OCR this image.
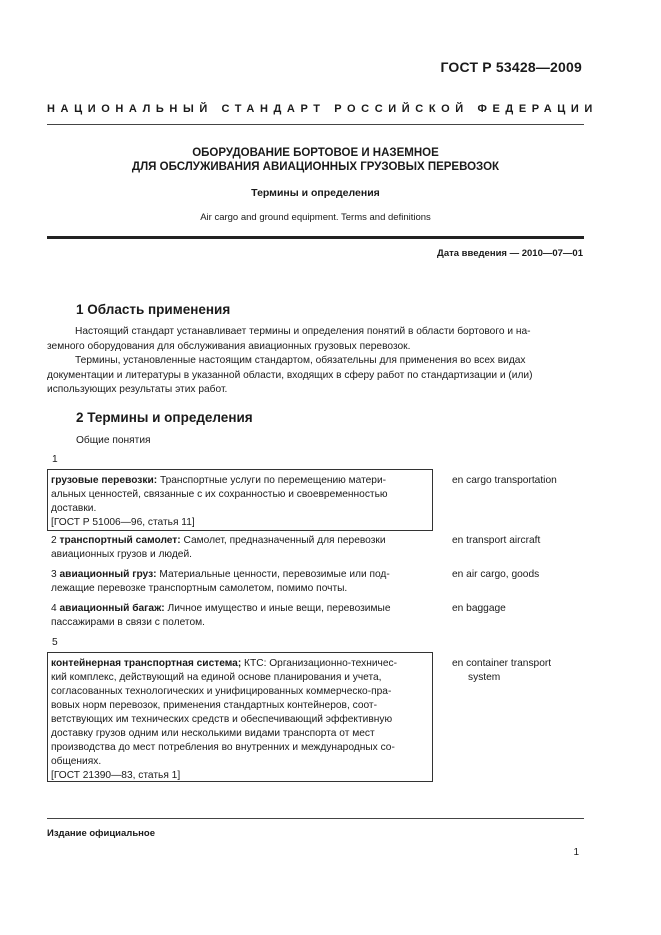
ГОСТ Р 53428—2009
НАЦИОНАЛЬНЫЙ СТАНДАРТ РОССИЙСКОЙ ФЕДЕРАЦИИ
ОБОРУДОВАНИЕ БОРТОВОЕ И НАЗЕМНОЕ
ДЛЯ ОБСЛУЖИВАНИЯ АВИАЦИОННЫХ ГРУЗОВЫХ ПЕРЕВОЗОК
Термины и определения
Air cargo and ground equipment. Terms and definitions
Дата введения — 2010—07—01
1 Область применения
Настоящий стандарт устанавливает термины и определения понятий в области бортового и на-
земного оборудования для обслуживания авиационных грузовых перевозок.
Термины, установленные настоящим стандартом, обязательны для применения во всех видах
документации и литературы в указанной области, входящих в сферу работ по стандартизации и (или)
использующих результаты этих работ.
2 Термины и определения
Общие понятия
1
грузовые перевозки: Транспортные услуги по перемещению матери-
альных ценностей, связанные с их сохранностью и своевременностью
доставки.
[ГОСТ Р 51006—96, статья 11]
en cargo transportation
2 транспортный самолет: Самолет, предназначенный для перевозки
авиационных грузов и людей.
en transport aircraft
3 авиационный груз: Материальные ценности, перевозимые или под-
лежащие перевозке транспортным самолетом, помимо почты.
en air cargo, goods
4 авиационный багаж: Личное имущество и иные вещи, перевозимые
пассажирами в связи с полетом.
en baggage
5
контейнерная транспортная система; КТС: Организационно-техничес-
кий комплекс, действующий на единой основе планирования и учета,
согласованных технологических и унифицированных коммерческо-пра-
вовых норм перевозок, применения стандартных контейнеров, соот-
ветствующих им технических средств и обеспечивающий эффективную
доставку грузов одним или несколькими видами транспорта от мест
производства до мест потребления во внутренних и международных со-
общениях.
[ГОСТ 21390—83, статья 1]
en container transport
system
Издание официальное
1
